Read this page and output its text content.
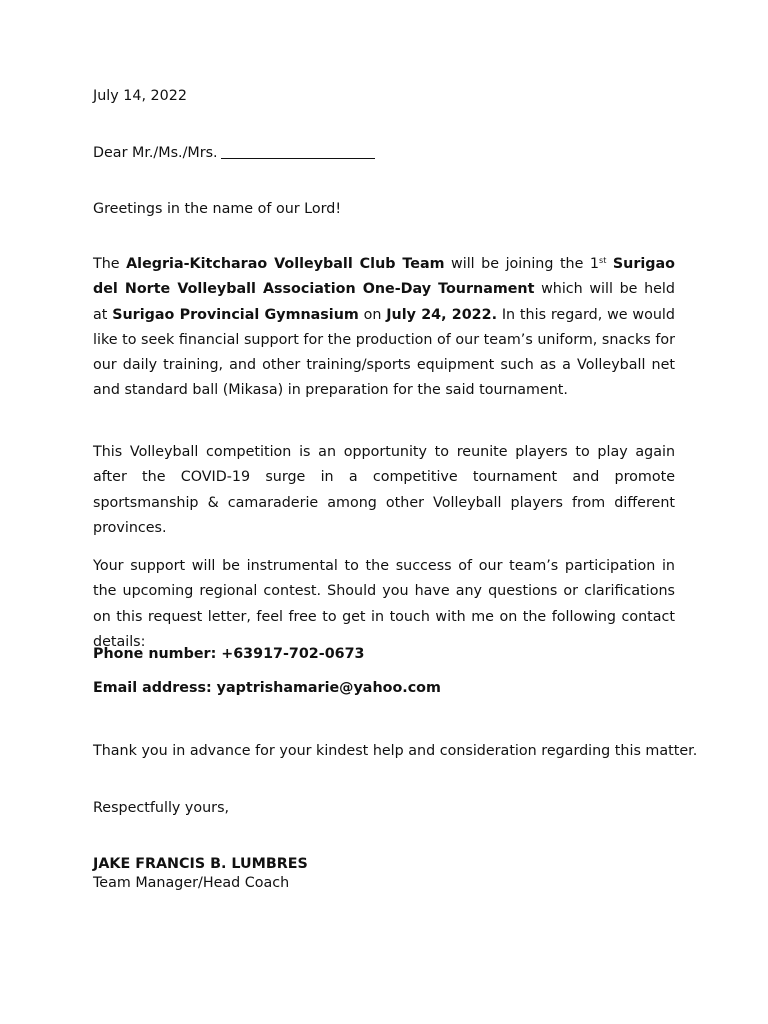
July 14, 2022
Dear Mr./Ms./Mrs.
Greetings in the name of our Lord!
The Alegria-Kitcharao Volleyball Club Team will be joining the 1st Surigao del Norte Volleyball Association One-Day Tournament which will be held at Surigao Provincial Gymnasium on July 24, 2022. In this regard, we would like to seek financial support for the production of our team’s uniform, snacks for our daily training, and other training/sports equipment such as a Volleyball net and standard ball (Mikasa) in preparation for the said tournament.
This Volleyball competition is an opportunity to reunite players to play again after the COVID-19 surge in a competitive tournament and promote sportsmanship & camaraderie among other Volleyball players from different provinces.
Your support will be instrumental to the success of our team’s participation in the upcoming regional contest. Should you have any questions or clarifications on this request letter, feel free to get in touch with me on the following contact details:
Phone number: +63917-702-0673
Email address: yaptrishamarie@yahoo.com
Thank you in advance for your kindest help and consideration regarding this matter.
Respectfully yours,
JAKE FRANCIS B. LUMBRES
Team Manager/Head Coach
